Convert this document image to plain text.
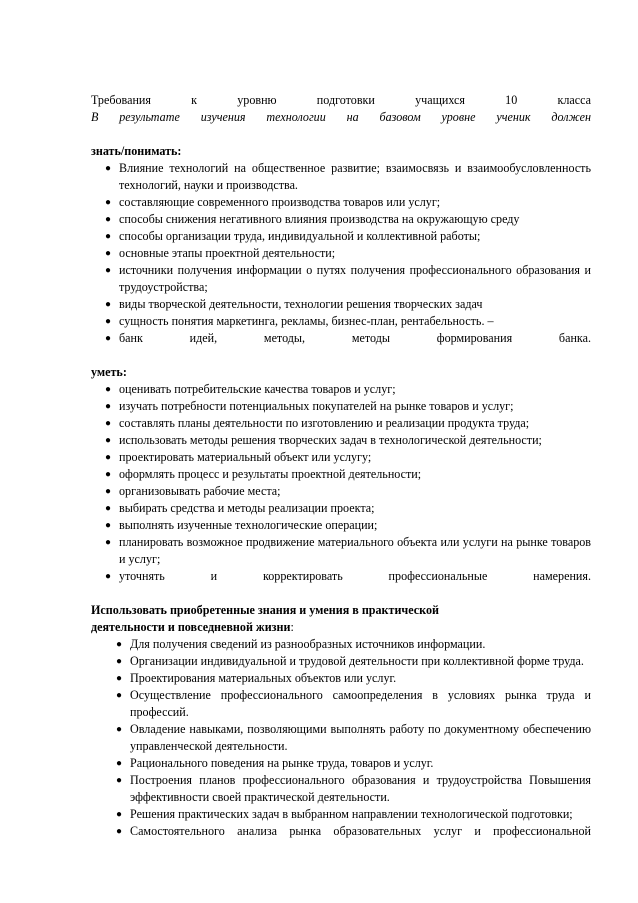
Требования к уровню подготовки учащихся 10 класса
В результате изучения технологии на базовом уровне ученик должен
знать/понимать:
● Влияние технологий на общественное развитие; взаимосвязь и взаимообусловленность технологий, науки и производства.
● составляющие современного производства товаров или услуг;
● способы снижения негативного влияния производства на окружающую среду
● способы организации труда, индивидуальной и коллективной работы;
● основные этапы проектной деятельности;
● источники получения информации о путях получения профессионального образования и трудоустройства;
● виды творческой деятельности, технологии решения творческих задач
● сущность понятия маркетинга, рекламы, бизнес-план, рентабельность. –
● банк идей, методы, методы формирования банка.
уметь:
● оценивать потребительские качества товаров и услуг;
● изучать потребности потенциальных покупателей на рынке товаров и услуг;
● составлять планы деятельности по изготовлению и реализации продукта труда;
● использовать методы решения творческих задач в технологической деятельности;
● проектировать материальный объект или услугу;
● оформлять процесс и результаты проектной деятельности;
● организовывать рабочие места;
● выбирать средства и методы реализации проекта;
● выполнять изученные технологические операции;
● планировать возможное продвижение материального объекта или услуги на рынке товаров и услуг;
● уточнять и корректировать профессиональные намерения.
Использовать приобретенные знания и умения в практической
деятельности и повседневной жизни:
● Для получения сведений из разнообразных источников информации.
● Организации индивидуальной и трудовой деятельности при коллективной форме труда.
● Проектирования материальных объектов или услуг.
● Осуществление профессионального самоопределения в условиях рынка труда и профессий.
● Овладение навыками, позволяющими выполнять работу по документному обеспечению управленческой деятельности.
● Рационального поведения на рынке труда, товаров и услуг.
● Построения планов профессионального образования и трудоустройства Повышения эффективности своей практической деятельности.
● Решения практических задач в выбранном направлении технологической подготовки;
● Самостоятельного анализа рынка образовательных услуг и профессиональной
